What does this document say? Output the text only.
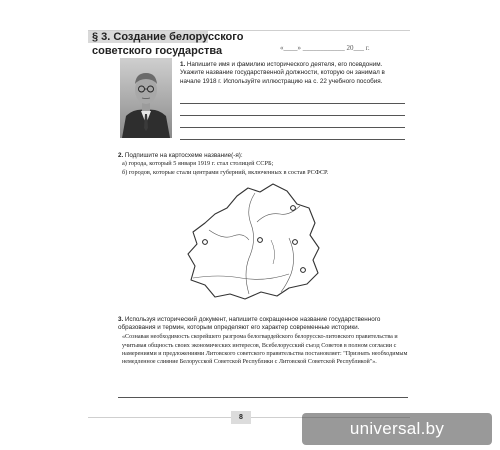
§ 3. Создание белорусского советского государства	«____» ____________ 20___ г.
1. Напишите имя и фамилию исторического деятеля, его псевдоним. Укажите название государственной должности, которую он занимал в начале 1918 г. Используйте иллюстрацию на с. 22 учебного пособия.
2. Подпишите на картосхеме название(-я):
а) города, который 5 января 1919 г. стал столицей ССРБ;
б) городов, которые стали центрами губерний, включенных в состав РСФСР.
3. Используя исторический документ, напишите сокращенное название государственного образования и термин, которым определяют его характер современные историки.
«Сознавая необходимость скорейшего разгрома белогвардейского белорусско-литовского правительства и учитывая общность своих экономических интересов, Всебелорусский съезд Советов в полном согласии с намерениями и предложениями Литовского советского правительства постановляет: "Признать необходимым немедленное слияние Белорусской Советской Республики с Литовской Советской Республикой"».
8
universal.by
